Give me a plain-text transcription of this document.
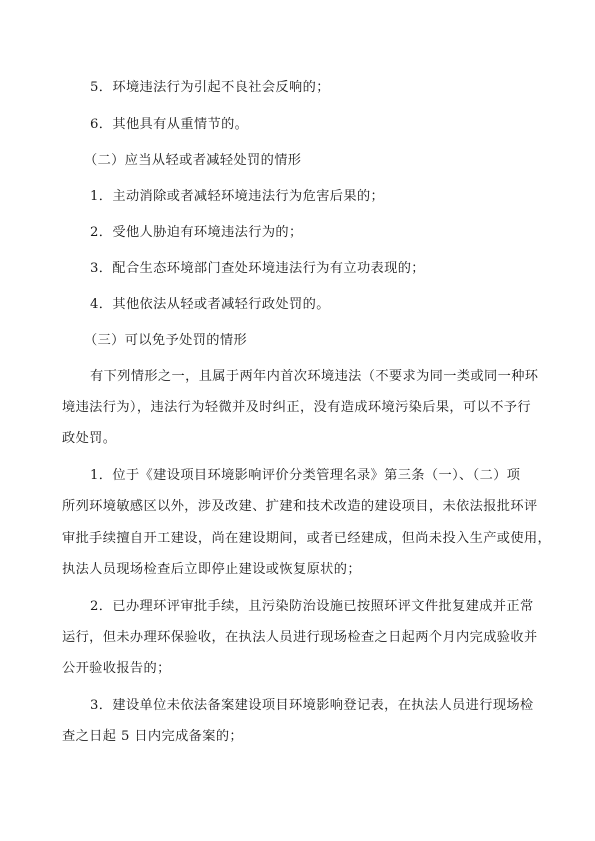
5．环境违法行为引起不良社会反响的；
6．其他具有从重情节的。
（二）应当从轻或者减轻处罚的情形
1．主动消除或者减轻环境违法行为危害后果的；
2．受他人胁迫有环境违法行为的；
3．配合生态环境部门查处环境违法行为有立功表现的；
4．其他依法从轻或者减轻行政处罚的。
（三）可以免予处罚的情形
有下列情形之一，且属于两年内首次环境违法（不要求为同一类或同一种环
境违法行为），违法行为轻微并及时纠正，没有造成环境污染后果，可以不予行
政处罚。
1．位于《建设项目环境影响评价分类管理名录》第三条（一）、（二）项
所列环境敏感区以外，涉及改建、扩建和技术改造的建设项目，未依法报批环评
审批手续擅自开工建设，尚在建设期间，或者已经建成，但尚未投入生产或使用，
执法人员现场检查后立即停止建设或恢复原状的；
2．已办理环评审批手续，且污染防治设施已按照环评文件批复建成并正常
运行，但未办理环保验收，在执法人员进行现场检查之日起两个月内完成验收并
公开验收报告的；
3．建设单位未依法备案建设项目环境影响登记表，在执法人员进行现场检
查之日起 5 日内完成备案的；
